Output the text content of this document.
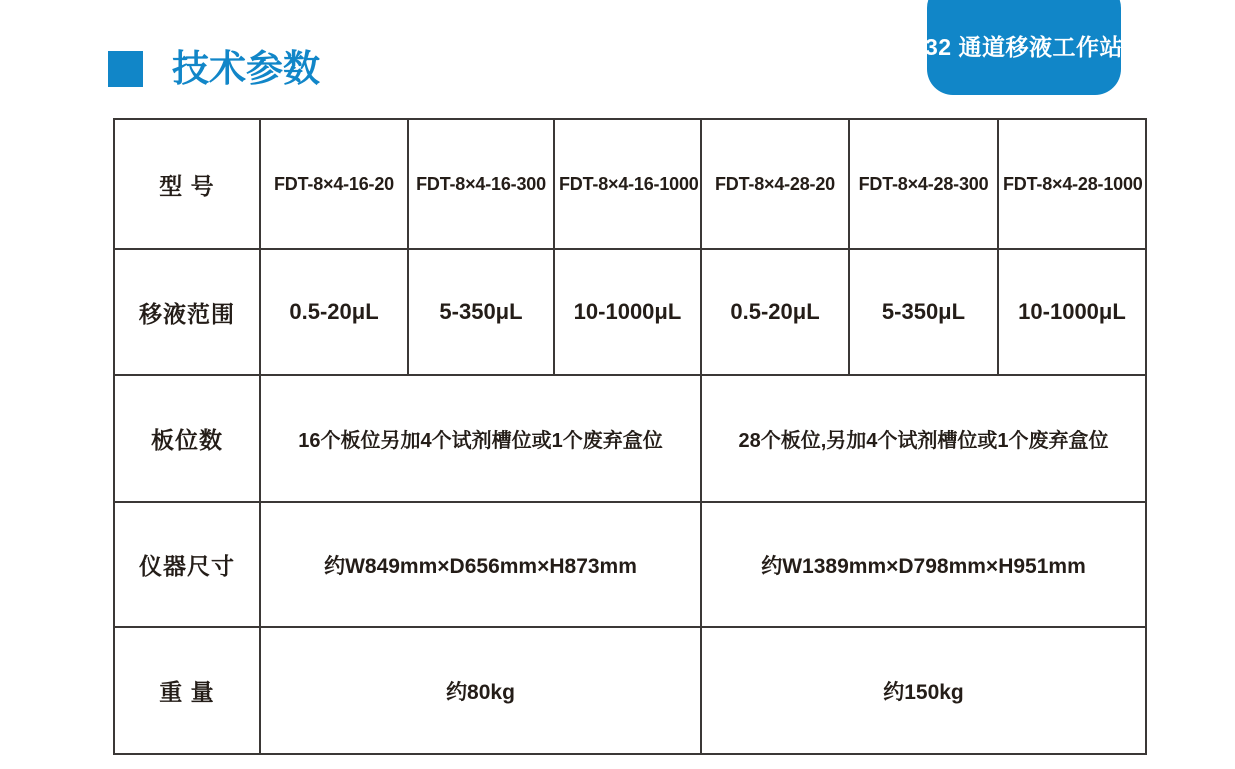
32 通道移液工作站
技术参数
型 号	FDT-8×4-16-20	FDT-8×4-16-300	FDT-8×4-16-1000	FDT-8×4-28-20	FDT-8×4-28-300	FDT-8×4-28-1000
移液范围	0.5-20μL	5-350μL	10-1000μL	0.5-20μL	5-350μL	10-1000μL
板位数	16个板位另加4个试剂槽位或1个废弃盒位			28个板位,另加4个试剂槽位或1个废弃盒位		
仪器尺寸	约W849mm×D656mm×H873mm			约W1389mm×D798mm×H951mm		
重 量	约80kg			约150kg		
